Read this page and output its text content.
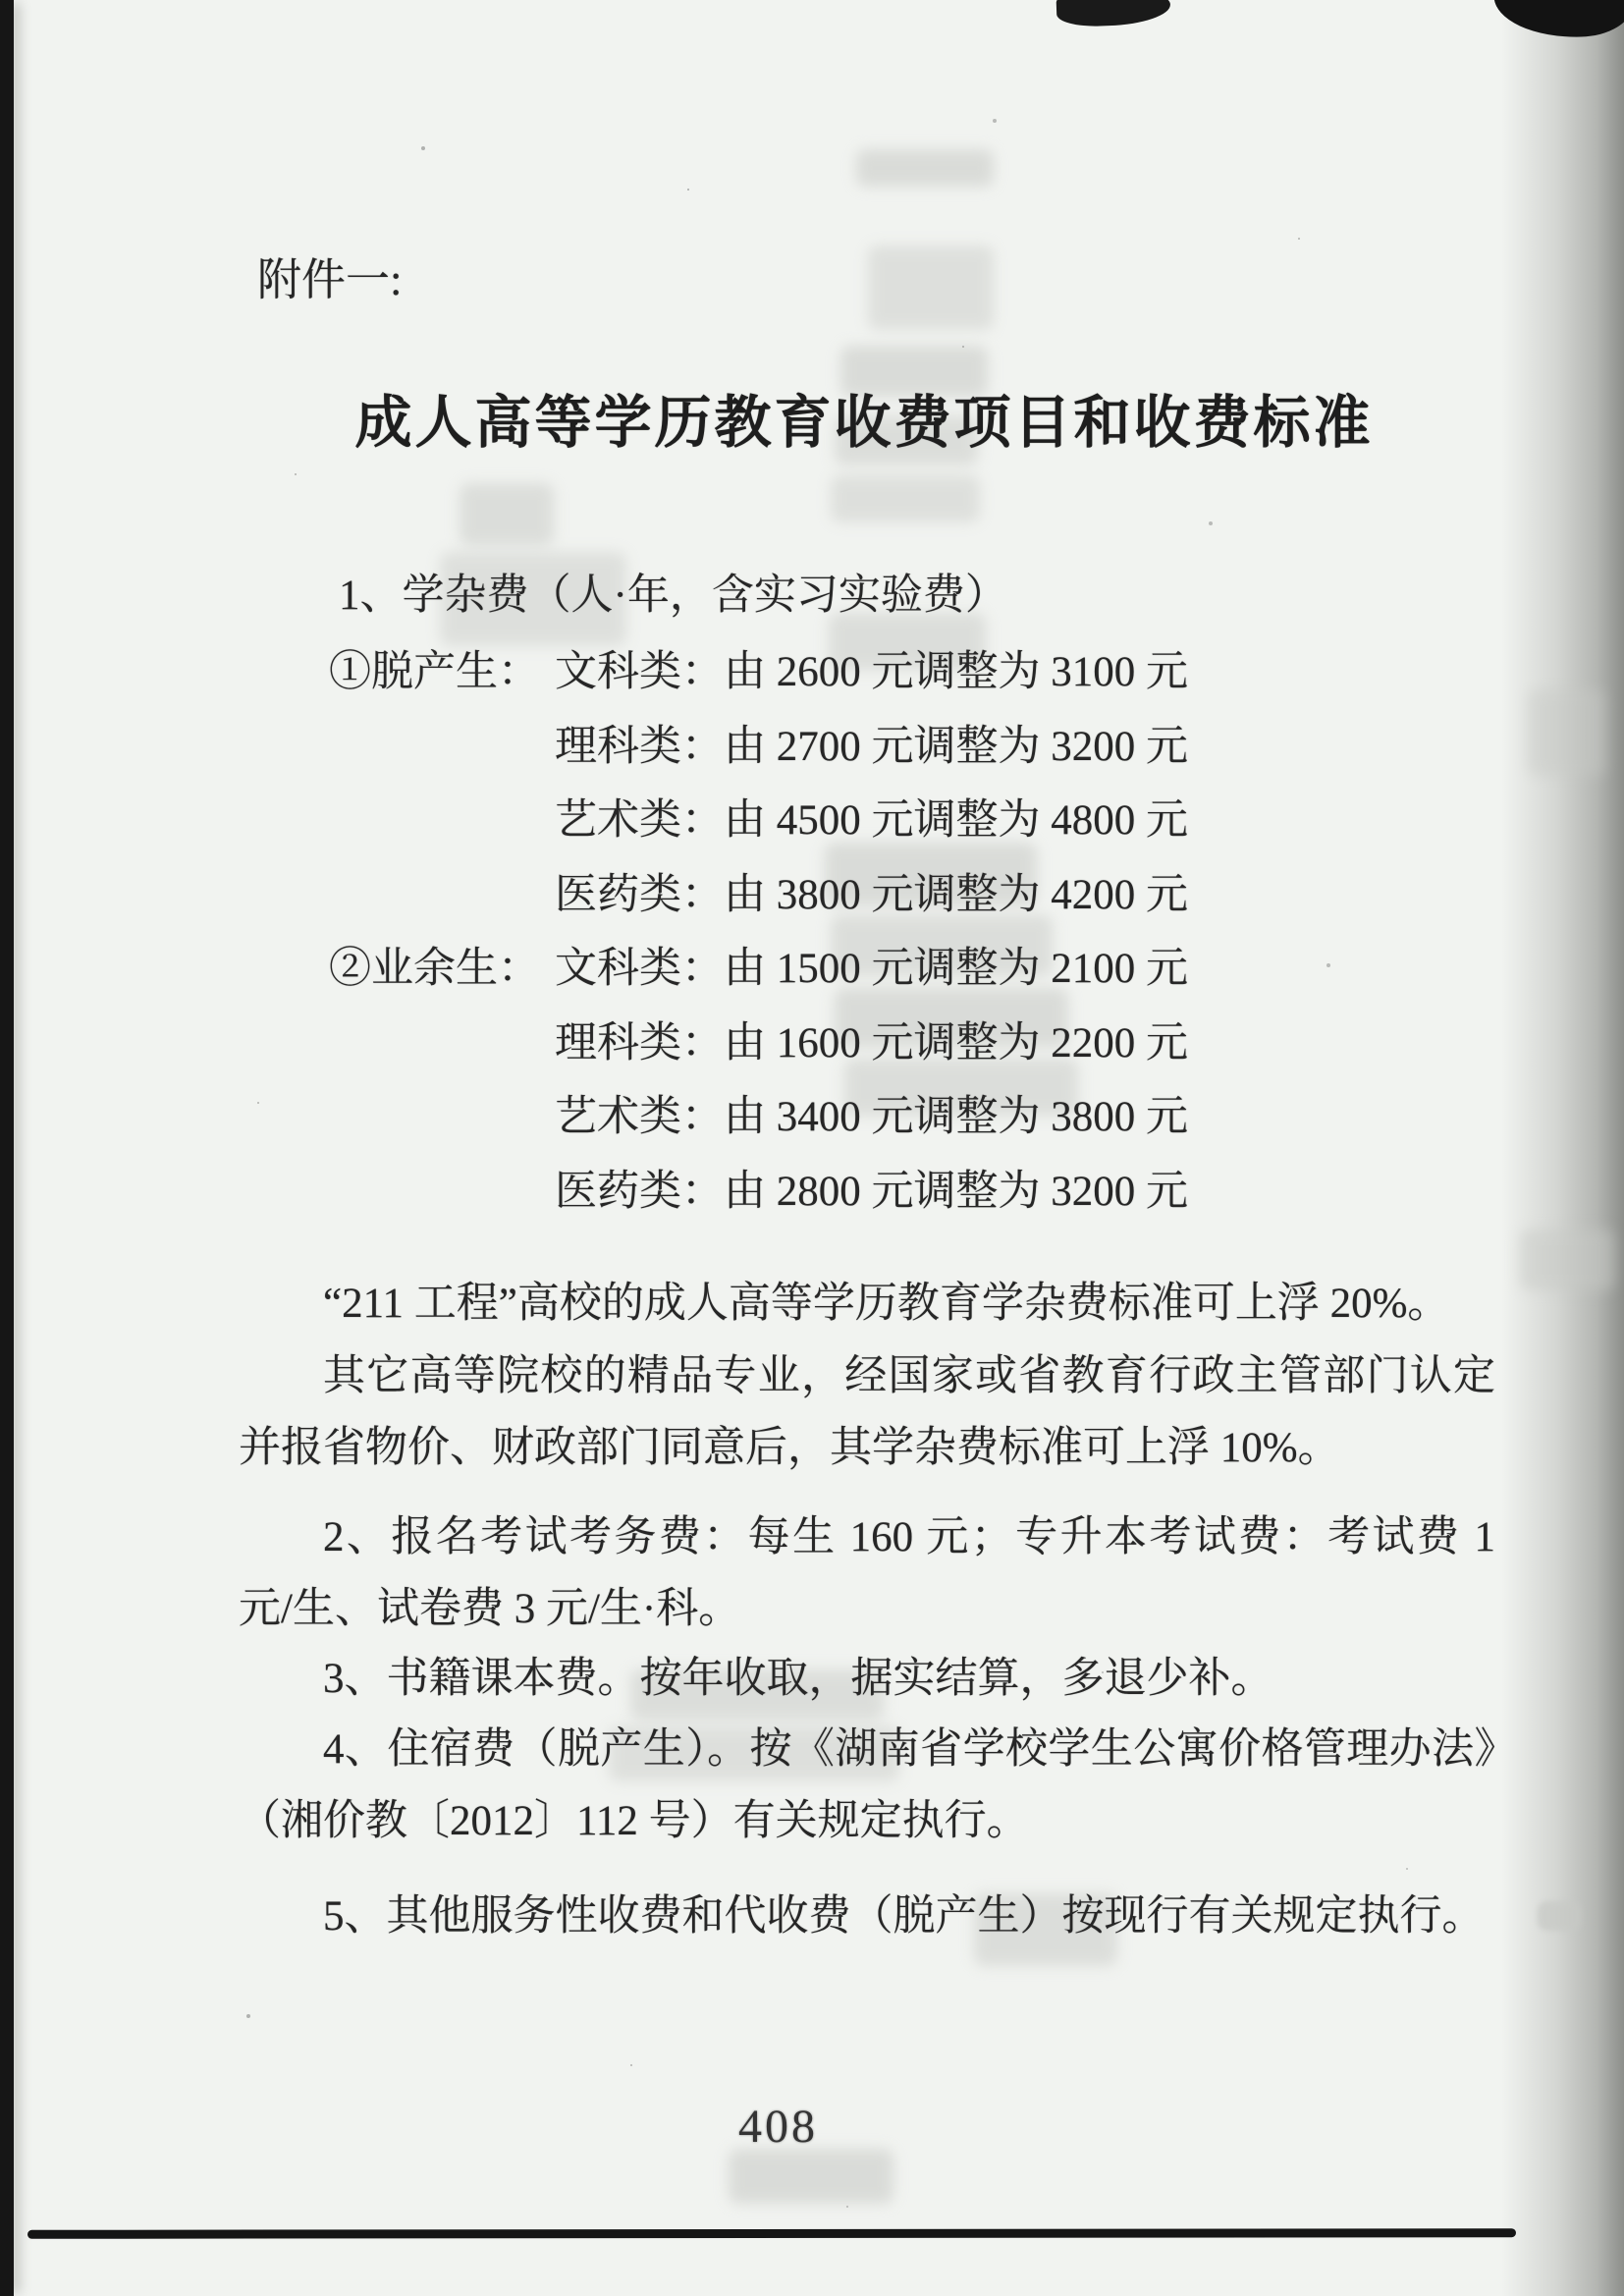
附件一:
成人高等学历教育收费项目和收费标准
1、学杂费（人·年，含实习实验费）
①脱产生： 文科类： 由 2600 元调整为 3100 元
理科类： 由 2700 元调整为 3200 元
艺术类： 由 4500 元调整为 4800 元
医药类： 由 3800 元调整为 4200 元
②业余生： 文科类： 由 1500 元调整为 2100 元
理科类： 由 1600 元调整为 2200 元
艺术类： 由 3400 元调整为 3800 元
医药类： 由 2800 元调整为 3200 元

“211 工程”高校的成人高等学历教育学杂费标准可上浮 20%。

其它高等院校的精品专业，经国家或省教育行政主管部门认定并报省物价、财政部门同意后，其学杂费标准可上浮 10%。

2、报名考试考务费：每生 160 元；专升本考试费：考试费 1 元/生、试卷费 3 元/生·科。

3、书籍课本费。按年收取，据实结算，多退少补。

4、住宿费（脱产生）。按《湖南省学校学生公寓价格管理办法》（湘价教〔2012〕112 号）有关规定执行。

5、其他服务性收费和代收费（脱产生）按现行有关规定执行。

408
